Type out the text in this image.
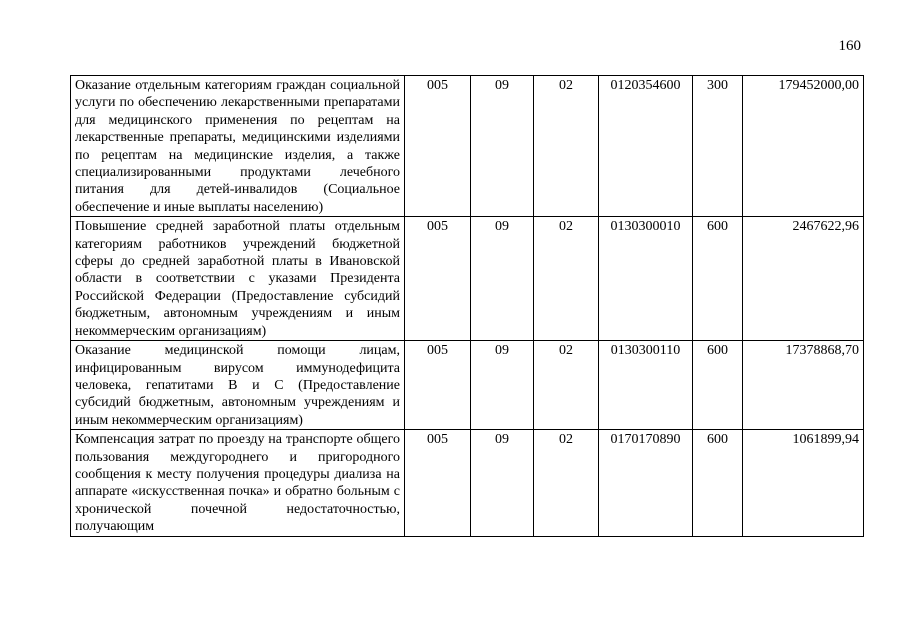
160
Оказание отдельным категориям граждан социальной услуги по обеспечению лекарственными препаратами для медицинского применения по рецептам на лекарственные препараты, медицинскими изделиями по рецептам на медицинские изделия, а также специализированными продуктами лечебного питания для детей-инвалидов (Социальное обеспечение и иные выплаты населению)	005	09	02	0120354600	300	179452000,00
Повышение средней заработной платы отдельным категориям работников учреждений бюджетной сферы до средней заработной платы в Ивановской области в соответствии с указами Президента Российской Федерации (Предоставление субсидий бюджетным, автономным учреждениям и иным некоммерческим организациям)	005	09	02	0130300010	600	2467622,96
Оказание медицинской помощи лицам, инфицированным вирусом иммунодефицита человека, гепатитами В и С (Предоставление субсидий бюджетным, автономным учреждениям и иным некоммерческим организациям)	005	09	02	0130300110	600	17378868,70
Компенсация затрат по проезду на транспорте общего пользования междугороднего и пригородного сообщения к месту получения процедуры диализа на аппарате «искусственная почка» и обратно больным с хронической почечной недостаточностью, получающим	005	09	02	0170170890	600	1061899,94
